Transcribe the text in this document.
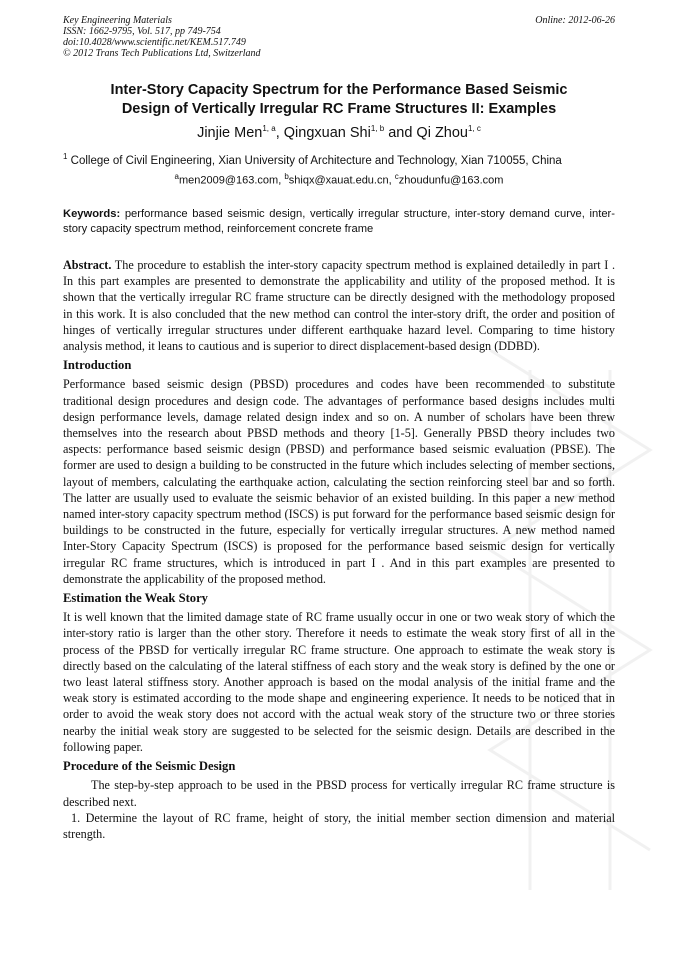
Key Engineering Materials
ISSN: 1662-9795, Vol. 517, pp 749-754
doi:10.4028/www.scientific.net/KEM.517.749
© 2012 Trans Tech Publications Ltd, Switzerland
Online: 2012-06-26
Inter-Story Capacity Spectrum for the Performance Based Seismic
Design of Vertically Irregular RC Frame Structures II: Examples
Jinjie Men$^{1, a}$, Qingxuan Shi$^{1, b}$ and Qi Zhou$^{1, c}$
$^1$ College of Civil Engineering, Xian University of Architecture and Technology, Xian 710055, China
$^a$men2009@163.com, $^b$shiqx@xauat.edu.cn, $^c$zhoudunfu@163.com
Keywords: performance based seismic design, vertically irregular structure, inter-story demand curve, inter-story capacity spectrum method, reinforcement concrete frame

Abstract. The procedure to establish the inter-story capacity spectrum method is explained detailedly in part I . In this part examples are presented to demonstrate the applicability and utility of the proposed method. It is shown that the vertically irregular RC frame structure can be directly designed with the methodology proposed in this work. It is also concluded that the new method can control the inter-story drift, the order and position of hinges of vertically irregular structures under different earthquake hazard level. Comparing to time history analysis method, it leans to cautious and is superior to direct displacement-based design (DDBD).

Introduction

Performance based seismic design (PBSD) procedures and codes have been recommended to substitute traditional design procedures and design code. The advantages of performance based designs includes multi design performance levels, damage related design index and so on. A number of scholars have been threw themselves into the research about PBSD methods and theory [1-5]. Generally PBSD theory includes two aspects: performance based seismic design (PBSD) and performance based seismic evaluation (PBSE). The former are used to design a building to be constructed in the future which includes selecting of member sections, layout of members, calculating the earthquake action, calculating the section reinforcing steel bar and so forth. The latter are usually used to evaluate the seismic behavior of an existed building. In this paper a new method named inter-story capacity spectrum method (ISCS) is put forward for the performance based seismic design for buildings to be constructed in the future, especially for vertically irregular structures. A new method named Inter-Story Capacity Spectrum (ISCS) is proposed for the performance based seismic design for vertically irregular RC frame structures, which is introduced in part I . And in this part examples are presented to demonstrate the applicability of the proposed method.

Estimation the Weak Story

It is well known that the limited damage state of RC frame usually occur in one or two weak story of which the inter-story ratio is larger than the other story. Therefore it needs to estimate the weak story first of all in the process of the PBSD for vertically irregular RC frame structure. One approach to estimate the weak story is directly based on the calculating of the lateral stiffness of each story and the weak story is defined by the one or two least lateral stiffness story. Another approach is based on the modal analysis of the initial frame and the weak story is estimated according to the mode shape and engineering experience. It needs to be noticed that in order to avoid the weak story does not accord with the actual weak story of the structure two or three stories nearby the initial weak story are suggested to be selected for the seismic design. Details are described in the following paper.

Procedure of the Seismic Design

The step-by-step approach to be used in the PBSD process for vertically irregular RC frame structure is described next.

1. Determine the layout of RC frame, height of story, the initial member section dimension and material strength.
